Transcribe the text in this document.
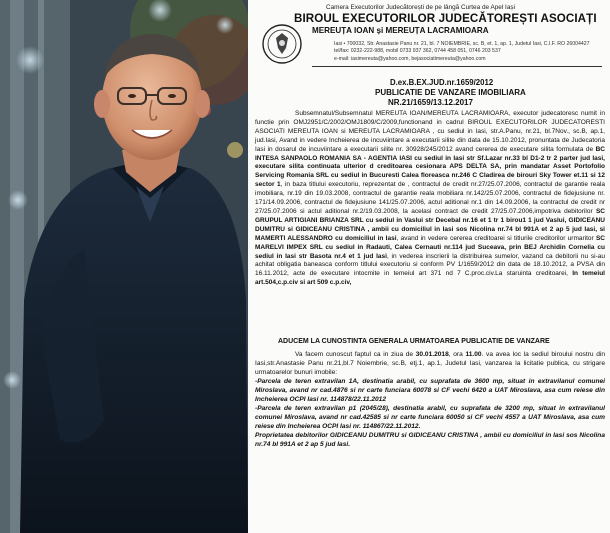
Camera Executorilor Judecătorești de pe lângă Curtea de Apel Iași
BIROUL EXECUTORILOR JUDECĂTOREȘTI ASOCIAȚI
MEREUȚA IOAN și MEREUȚA LACRAMIOARA
Iasi • 700032, Str. Anastasie Panu nr. 21, bl. 7 NOIEMBRIE, sc. B, et. 1, ap. 1, Judetul Iasi, C.I.F. RO 26004427
tel/fax: 0232-222-988, mobil 0733 937 362, 0744 458 051, 0746 203 537
e-mail: iasimereuta@yahoo.com, bejasociatimereuta@yahoo.com
D.ex.B.EX.JUD.nr.1659/2012
PUBLICATIE DE VANZARE IMOBILIARA
NR.21/1659/13.12.2017
Subsemnatul/Subsemnatul MEREUTA IOAN/MEREUTA LACRAMIOARA, executor judecatoresc numit in functie prin OMJ2951/C/2002/OMJ1809/C/2009,functionand in cadrul BIROUL EXECUTORILOR JUDECATORESTI ASOCIATI MEREUTA IOAN si MEREUTA LACRAMIOARA , cu sediul in Iasi, str.A.Panu, nr.21, bl.7Nov., sc.B, ap.1, jud.Iasi, Avand in vedere Incheierea de incuviintare a executarii silite din data de 15.10.2012, pronuntata de Judecatoria Iasi in dosarul de incuviintare a executarii silite nr. 30928/245/2012 avand cererea de executare silita formulata de BC INTESA SANPAOLO ROMANIA SA - AGENTIA IASI cu sediul in Iasi str Sf.Lazar nr.33 bl D1-2 tr 2 parter jud Iasi, executare silita continuata ulterior d creditoarea cesionara APS DELTA SA, prin mandatar Asset Portofolio Servicing Romania SRL cu sediul in Bucuresti Calea floreasca nr.246 C Cladirea de birouri Sky Tower et.11 si 12 sector 1, in baza titlului executoriu, reprezentat de , contractul de credit nr.27/25.07.2006, contractul de garantie reala imobiliara, nr.19 din 19.03.2008, contractul de garantie reala mobiliara nr.142/25.07.2006, contractul de fidejusiune nr. 171/14.09.2006, contractul de fidejusiune 141/25.07.2006, actul aditional nr.1 din 14.09.2006, la contractul de credit nr 27/25.07.2006 si actul aditional nr.2/19.03.2008, la acelasi contract de credit 27/25.07.2006,impotriva debitorilor SC GRUPUL ARTIGIANI BRIANZA SRL cu sediul in Vaslui str Decebal nr.16 et 1 tr 1 birou1 1 jud Vaslui, GIDICEANU DUMITRU si GIDICEANU CRISTINA , ambii cu domiciliul in Iasi sos Nicolina nr.74 bl 991A et 2 ap 5 jud Iasi, si MAMERTI ALESSANDRO cu domiciliul in Iasi, avand in vedere cererea creditoarei si titlurile creditorilor urmaritor SC MARELVI IMPEX SRL cu sediul in Radauti, Calea Cernauti nr.114 jud Suceava, prin BEJ Archidin Cornelia cu sediul in Iasi str Basota nr.4 et 1 jud Iasi, in vederea inscrierii la distribuirea sumelor, vazand ca debitorii nu si-au achitat obligatia baneasca conform titlului executoriu si conform PV 1/1659/2012 din data de 18.10.2012, a PVSA din 16.11.2012, acte de executare intocmite in temeiul art 371 nd 7 C.proc.civ.La staruinta creditoarei, In temeiul art.504,c.p.civ si art 509 c.p.civ,
ADUCEM LA CUNOSTINTA GENERALA URMATOAREA PUBLICATIE DE VANZARE
Va facem cunoscut faptul ca in ziua de 30.01.2018, ora 11.00. va avea loc la sediul biroului nostru din Iasi,str.Anastasie Panu nr.21,bl.7 Noiembrie, sc.B, etj.1, ap.1, Judetul Iasi, vanzarea la licitatie publica, cu strigare urmatoarelor bunuri imobile:
-Parcela de teren extravilan 1A, destinatia arabil, cu suprafata de 3600 mp, situat in extravilanul comunei Miroslava, avand nr cad.4876 si nr carte funciara 60078 si CF vechi 6420 a UAT Miroslava, asa cum reiese din Incheierea OCPI Iasi nr. 114878/22.11.2012
-Parcela de teren extravilan p1 (2045/28), destinatia arabil, cu suprafata de 3200 mp, situat in extravilanul comunei Miroslava, avand nr cad.42585 si nr carte funciara 60050 si CF vechi 4557 a UAT Miroslava, asa cum reiese din Incheierea OCPI Iasi nr. 114867/22.11.2012.
Proprietatea debitorilor GIDICEANU DUMITRU si GIDICEANU CRISTINA , ambii cu domiciliul in Iasi sos Nicolina nr.74 bl 991A et 2 ap 5 jud Iasi.
